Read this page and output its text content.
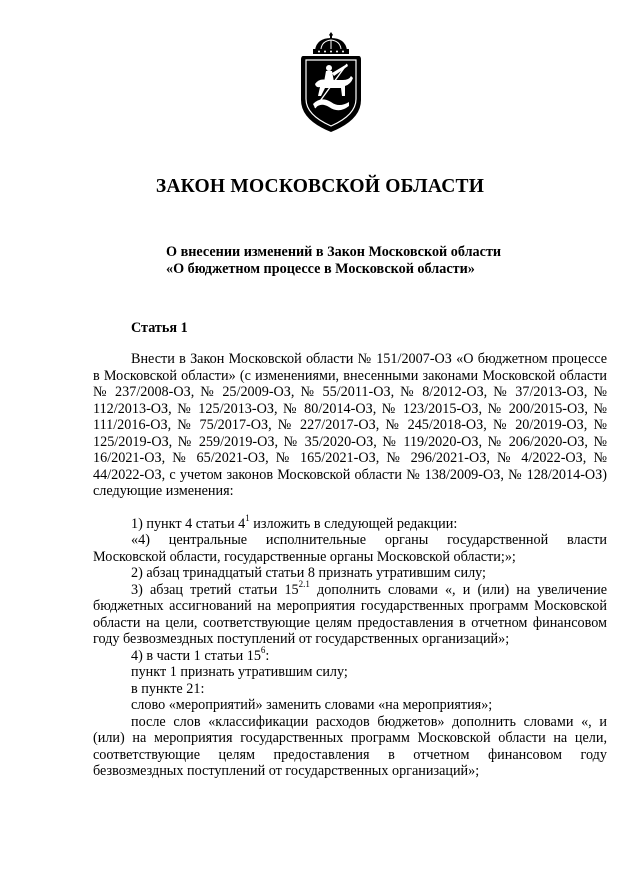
ЗАКОН МОСКОВСКОЙ ОБЛАСТИ
О внесении изменений в Закон Московской области
«О бюджетном процессе в Московской области»
Статья 1
Внести в Закон Московской области № 151/2007-ОЗ «О бюджетном процессе в Московской области» (с изменениями, внесенными законами Московской области № 237/2008-ОЗ, № 25/2009-ОЗ, № 55/2011-ОЗ, № 8/2012-ОЗ, № 37/2013-ОЗ, № 112/2013-ОЗ, № 125/2013-ОЗ, № 80/2014-ОЗ, № 123/2015-ОЗ, № 200/2015-ОЗ, № 111/2016-ОЗ, № 75/2017-ОЗ, № 227/2017-ОЗ, № 245/2018-ОЗ, № 20/2019-ОЗ, № 125/2019-ОЗ, № 259/2019-ОЗ, № 35/2020-ОЗ, № 119/2020-ОЗ, № 206/2020-ОЗ, № 16/2021-ОЗ, № 65/2021-ОЗ, № 165/2021-ОЗ, № 296/2021-ОЗ, № 4/2022-ОЗ, № 44/2022-ОЗ, с учетом законов Московской области № 138/2009-ОЗ, № 128/2014-ОЗ) следующие изменения:
1) пункт 4 статьи $4^1$ изложить в следующей редакции:
«4) центральные исполнительные органы государственной власти Московской области, государственные органы Московской области;»;
2) абзац тринадцатый статьи 8 признать утратившим силу;
3) абзац третий статьи $15^{2.1}$ дополнить словами «, и (или) на увеличение бюджетных ассигнований на мероприятия государственных программ Московской области на цели, соответствующие целям предоставления в отчетном финансовом году безвозмездных поступлений от государственных организаций»;
4) в части 1 статьи $15^6$:
пункт 1 признать утратившим силу;
в пункте 21:
слово «мероприятий» заменить словами «на мероприятия»;
после слов «классификации расходов бюджетов» дополнить словами «, и (или) на мероприятия государственных программ Московской области на цели, соответствующие целям предоставления в отчетном финансовом году безвозмездных поступлений от государственных организаций»;
